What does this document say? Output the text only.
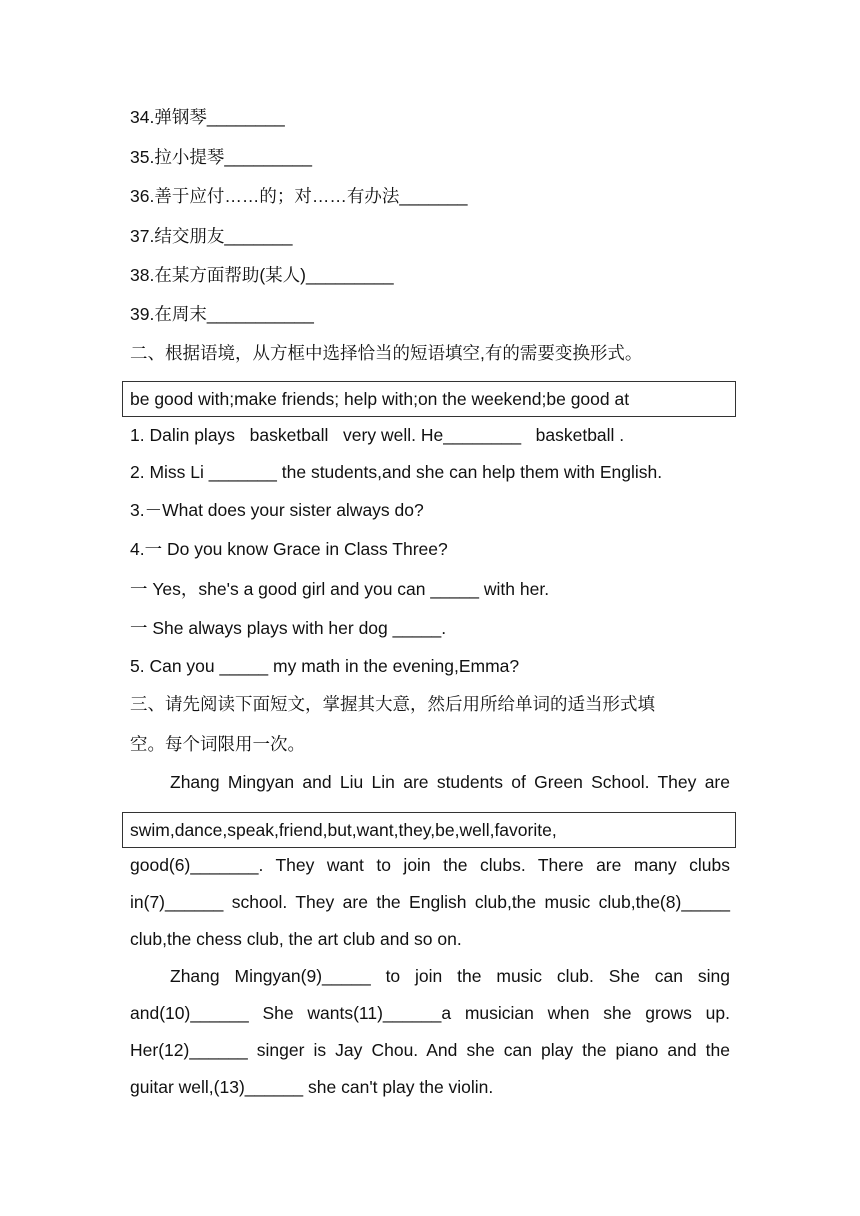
34.弹钢琴________

35.拉小提琴_________

36.善于应付……的；对……有办法_______

37.结交朋友_______

38.在某方面帮助(某人)_________

39.在周末___________

二、根据语境，从方框中选择恰当的短语填空,有的需要变换形式。

be good with;make friends; help with;on the weekend;be good at

1. Dalin plays   basketball   very well. He________   basketball .

2. Miss Li _______ the students,and she can help them with English.

3.－What does your sister always do?

4.一 Do you know Grace in Class Three?

一 Yes，she's a good girl and you can _____ with her.

一 She always plays with her dog _____.

5. Can you _____ my math in the evening,Emma?

三、请先阅读下面短文，掌握其大意，然后用所给单词的适当形式填

空。每个词限用一次。

Zhang Mingyan and Liu Lin are students of Green School. They are

swim,dance,speak,friend,but,want,they,be,well,favorite,

good(6)_______. They want to join the clubs. There are many clubs

in(7)______ school. They are the English club,the music club,the(8)_____

club,the chess club, the art club and so on.

Zhang Mingyan(9)_____ to join the music club. She can sing

and(10)______ She wants(11)______a musician when she grows up.

Her(12)______ singer is Jay Chou. And she can play the piano and the

guitar well,(13)______ she can't play the violin.
